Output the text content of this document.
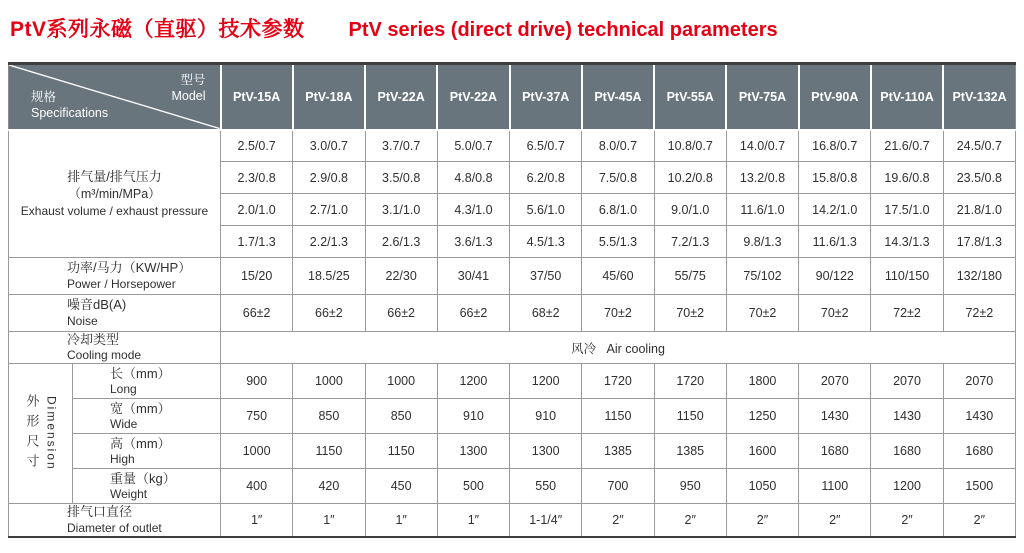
PtV系列永磁（直驱）技术参数 PtV series (direct drive) technical parameters
型号
Model
规格
Specifications		PtV-15A	PtV-18A	PtV-22A	PtV-22A	PtV-37A	PtV-45A	PtV-55A	PtV-75A	PtV-90A	PtV-110A	PtV-132A

排气量/排气压力
（m³/min/MPa）
Exhaust volume / exhaust pressure		2.5/0.7	3.0/0.7	3.7/0.7	5.0/0.7	6.5/0.7	8.0/0.7	10.8/0.7	14.0/0.7	16.8/0.7	21.6/0.7	24.5/0.7
		2.3/0.8	2.9/0.8	3.5/0.8	4.8/0.8	6.2/0.8	7.5/0.8	10.2/0.8	13.2/0.8	15.8/0.8	19.6/0.8	23.5/0.8
		2.0/1.0	2.7/1.0	3.1/1.0	4.3/1.0	5.6/1.0	6.8/1.0	9.0/1.0	11.6/1.0	14.2/1.0	17.5/1.0	21.8/1.0
		1.7/1.3	2.2/1.3	2.6/1.3	3.6/1.3	4.5/1.3	5.5/1.3	7.2/1.3	9.8/1.3	11.6/1.3	14.3/1.3	17.8/1.3

功率/马力（KW/HP）
Power / Horsepower		15/20	18.5/25	22/30	30/41	37/50	45/60	55/75	75/102	90/122	110/150	132/180

噪音dB(A)
Noise		66±2	66±2	66±2	66±2	68±2	70±2	70±2	70±2	70±2	72±2	72±2

冷却类型
Cooling mode		风冷   Air cooling										

外形尺寸 Dimension

长（mm）
Long
	900	1000	1000	1200	1200	1720	1720	1800	2070	2070	2070

	宽（mm）
Wide	750	850	850	910	910	1150	1150	1250	1430	1430	1430

	高（mm）
High	1000	1150	1150	1300	1300	1385	1385	1600	1680	1680	1680

	重量（kg）
Weight	400	420	450	500	550	700	950	1050	1100	1200	1500

排气口直径
Diameter of outlet		1″	1″	1″	1″	1-1/4″	2″	2″	2″	2″	2″	2″
